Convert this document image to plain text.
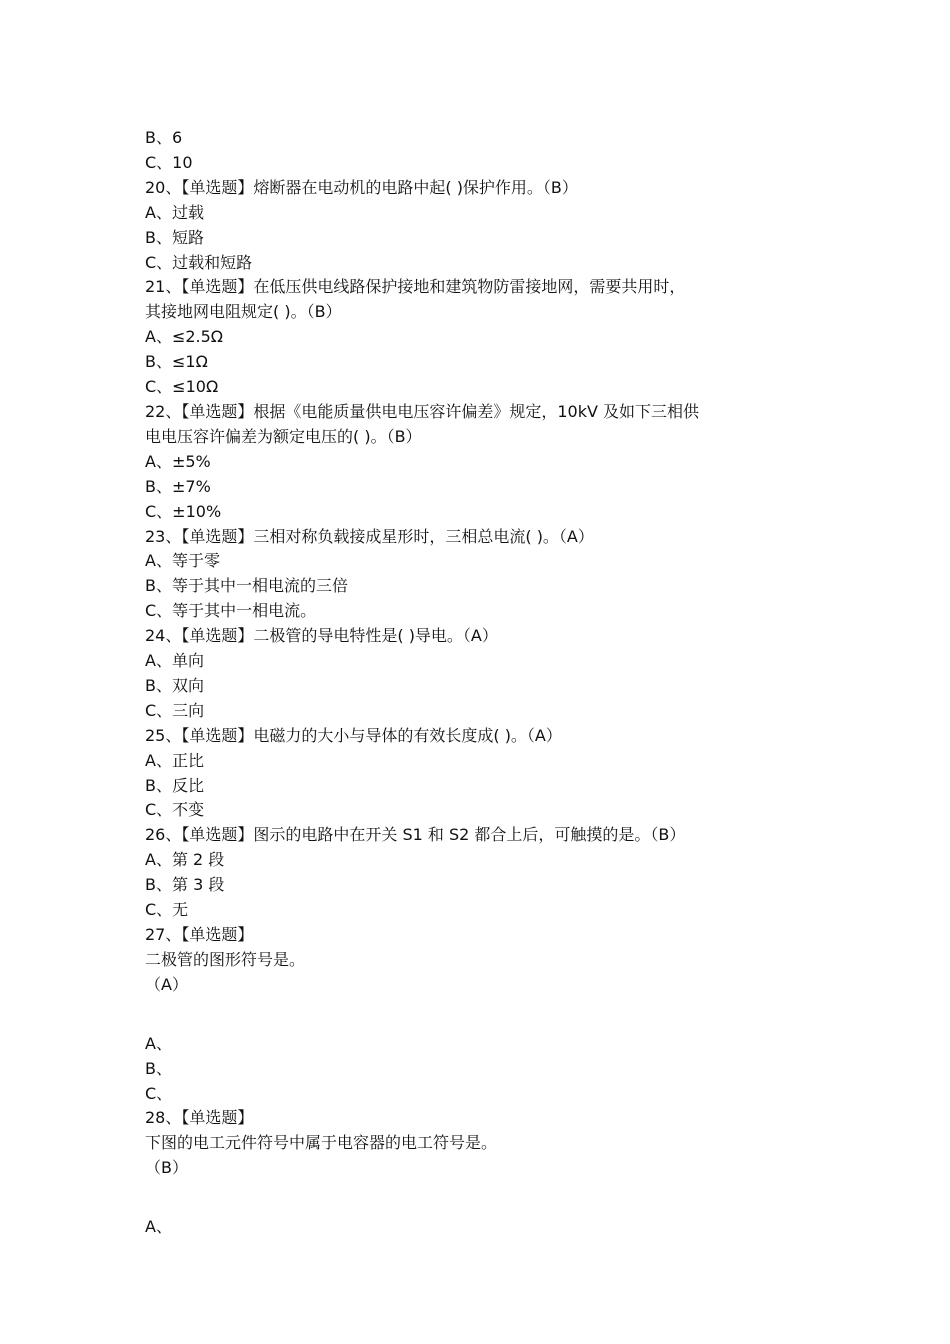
B、6
C、10
20、【单选题】熔断器在电动机的电路中起( )保护作用。（B）
A、过载
B、短路
C、过载和短路
21、【单选题】在低压供电线路保护接地和建筑物防雷接地网，需要共用时，
其接地网电阻规定( )。（B）
A、≤2.5Ω
B、≤1Ω
C、≤10Ω
22、【单选题】根据《电能质量供电电压容许偏差》规定，10kV 及如下三相供
电电压容许偏差为额定电压的( )。（B）
A、±5%
B、±7%
C、±10%
23、【单选题】三相对称负载接成星形时，三相总电流( )。（A）
A、等于零
B、等于其中一相电流的三倍
C、等于其中一相电流。
24、【单选题】二极管的导电特性是( )导电。（A）
A、单向
B、双向
C、三向
25、【单选题】电磁力的大小与导体的有效长度成( )。（A）
A、正比
B、反比
C、不变
26、【单选题】图示的电路中在开关 S1 和 S2 都合上后，可触摸的是。（B）
A、第 2 段
B、第 3 段
C、无
27、【单选题】
二极管的图形符号是。
（A）
A、
B、
C、
28、【单选题】
下图的电工元件符号中属于电容器的电工符号是。
（B）
A、
